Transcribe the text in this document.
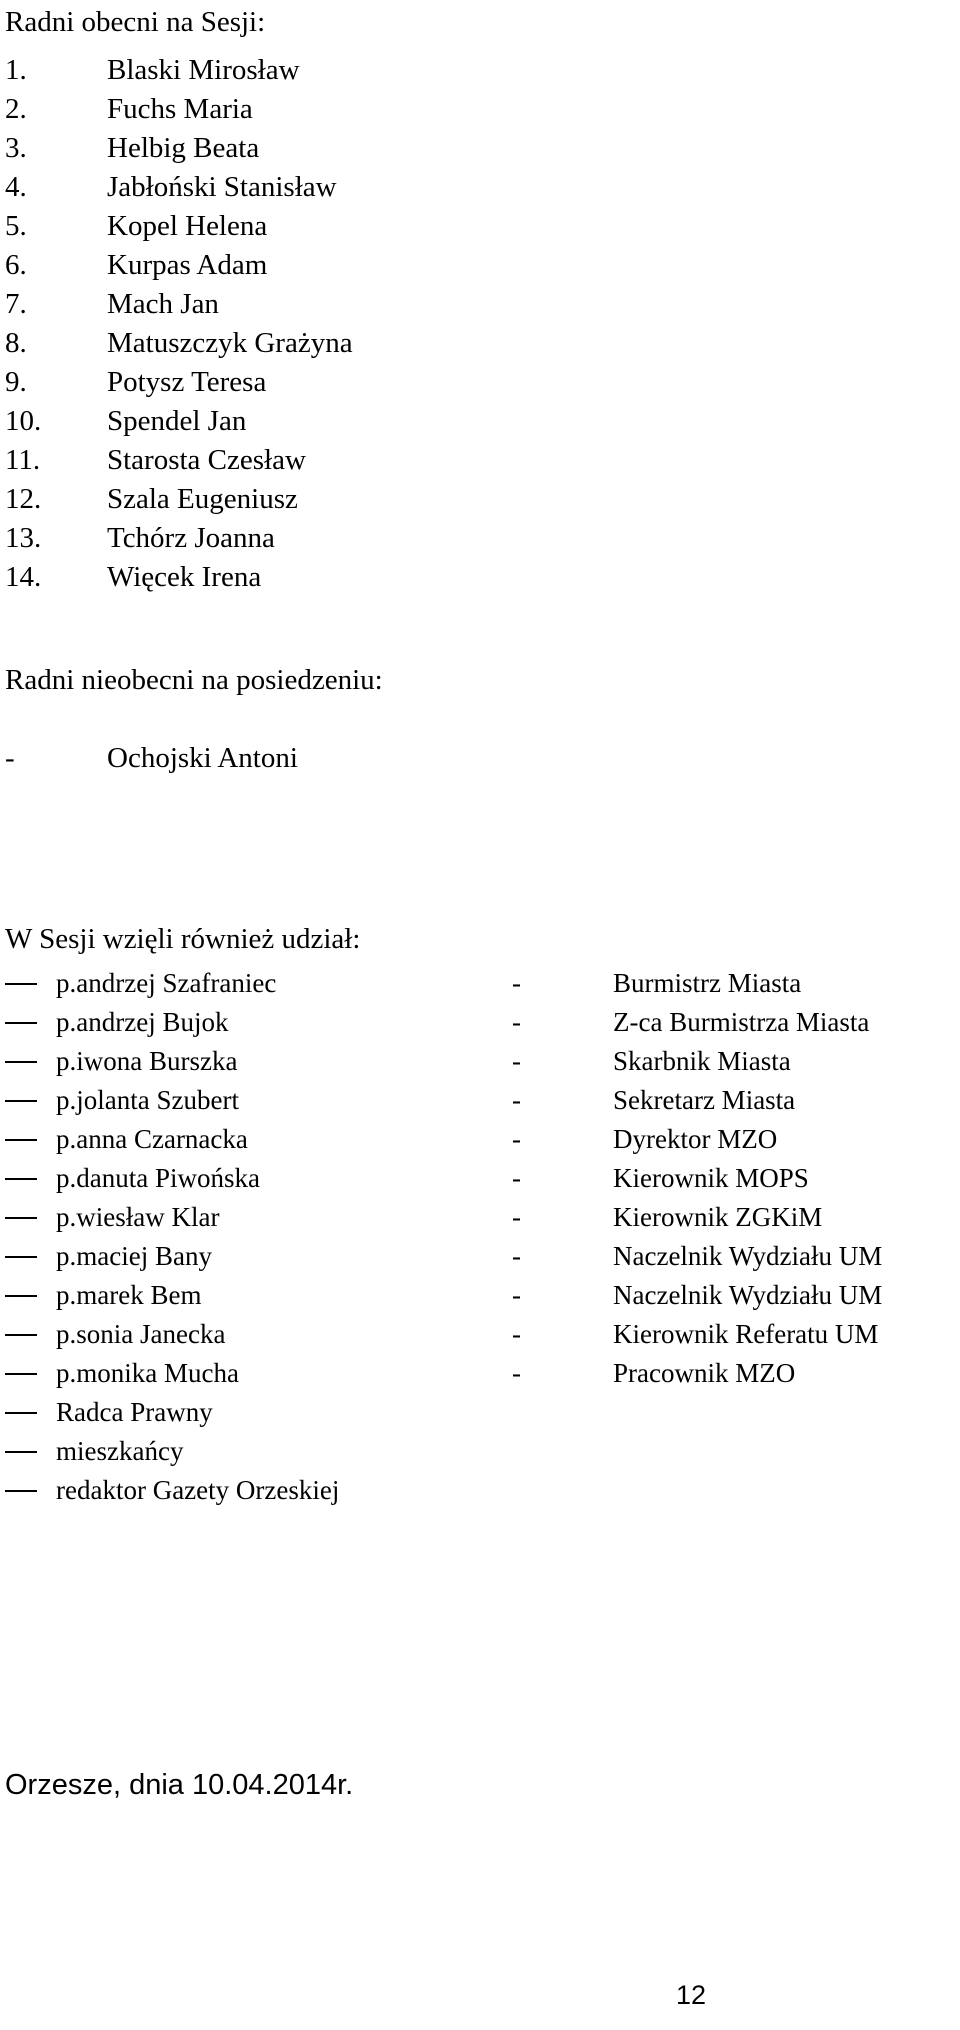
Radni obecni na Sesji:
1.	Blaski Mirosław
2.	Fuchs Maria
3.	Helbig Beata
4.	Jabłoński Stanisław
5.	Kopel Helena
6.	Kurpas Adam
7.	Mach Jan
8.	Matuszczyk Grażyna
9.	Potysz Teresa
10. Spendel Jan
11. Starosta Czesław
12. Szala Eugeniusz
13. Tchórz Joanna
14. Więcek Irena
Radni nieobecni na posiedzeniu:
-	Ochojski Antoni
W Sesji wzięli również udział:
p.andrzej Szafraniec	-	Burmistrz Miasta
p.andrzej Bujok	-	Z-ca Burmistrza Miasta
p.iwona Burszka	-	Skarbnik Miasta
p.jolanta Szubert	-	Sekretarz Miasta
p.anna Czarnacka	-	Dyrektor MZO
p.danuta Piwońska	-	Kierownik MOPS
p.wiesław Klar	-	Kierownik ZGKiM
p.maciej Bany	-	Naczelnik Wydziału UM
p.marek Bem	-	Naczelnik Wydziału UM
p.sonia Janecka	-	Kierownik Referatu UM
p.monika Mucha	-	Pracownik MZO
Radca Prawny
mieszkańcy
redaktor Gazety Orzeskiej
Orzesze, dnia 10.04.2014r.
12
